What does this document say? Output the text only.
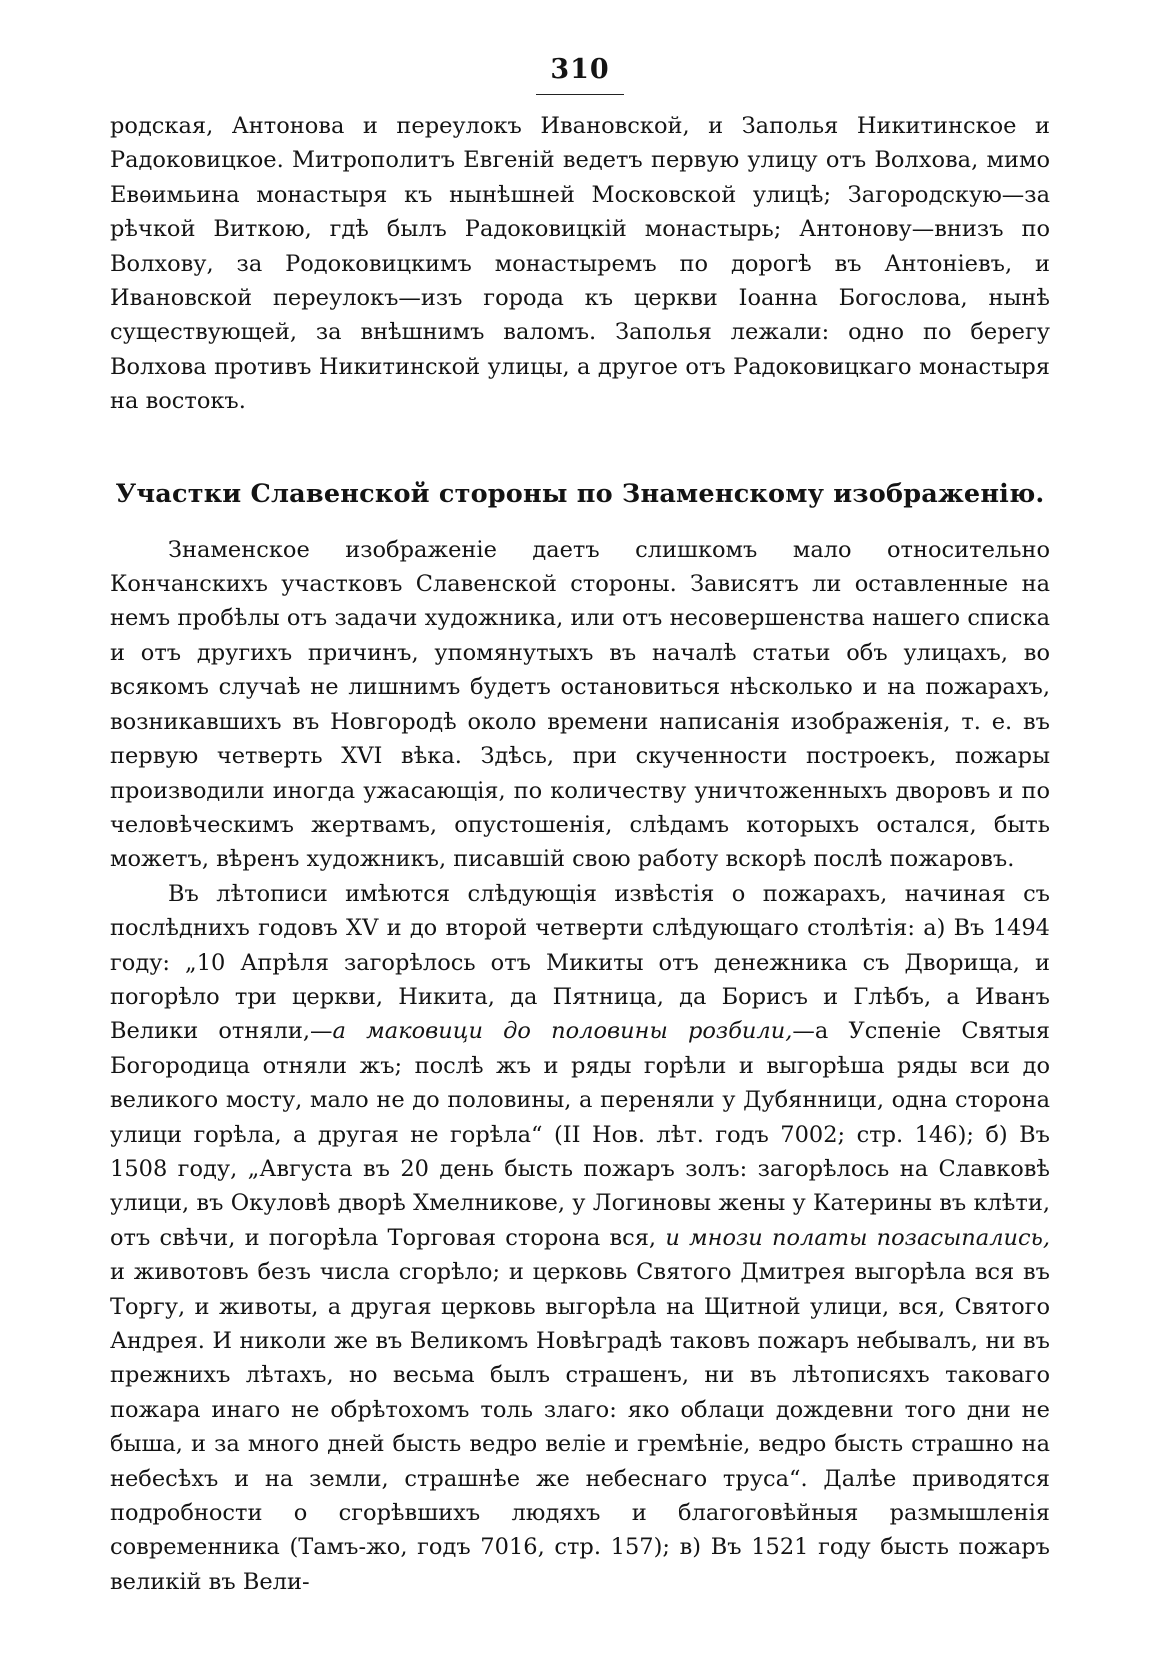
310

родская, Антонова и переулокъ Ивановской, и Заполья Никитинское и Радоковицкое. Митрополитъ Евгеній ведетъ первую улицу отъ Волхова, мимо Евѳимьина монастыря къ нынѣшней Московской улицѣ; Загородскую—за рѣчкой Виткою, гдѣ былъ Радоковицкій монастырь; Антонову—внизъ по Волхову, за Родоковицкимъ монастыремъ по дорогѣ въ Антоніевъ, и Ивановской переулокъ—изъ города къ церкви Іоанна Богослова, нынѣ существующей, за внѣшнимъ валомъ. Заполья лежали: одно по берегу Волхова противъ Никитинской улицы, а другое отъ Радоковицкаго монастыря на востокъ.

Участки Славенской стороны по Знаменскому изображенію.

Знаменское изображеніе даетъ слишкомъ мало относительно Кончанскихъ участковъ Славенской стороны. Зависятъ ли оставленные на немъ пробѣлы отъ задачи художника, или отъ несовершенства нашего списка и отъ другихъ причинъ, упомянутыхъ въ началѣ статьи объ улицахъ, во всякомъ случаѣ не лишнимъ будетъ остановиться нѣсколько и на пожарахъ, возникавшихъ въ Новгородѣ около времени написанія изображенія, т. е. въ первую четверть XVI вѣка. Здѣсь, при скученности построекъ, пожары производили иногда ужасающія, по количеству уничтоженныхъ дворовъ и по человѣческимъ жертвамъ, опустошенія, слѣдамъ которыхъ остался, быть можетъ, вѣренъ художникъ, писавшій свою работу вскорѣ послѣ пожаровъ.

Въ лѣтописи имѣются слѣдующія извѣстія о пожарахъ, начиная съ послѣднихъ годовъ XV и до второй четверти слѣдующаго столѣтія: а) Въ 1494 году: „10 Апрѣля загорѣлось отъ Микиты отъ денежника съ Дворища, и погорѣло три церкви, Никита, да Пятница, да Борисъ и Глѣбъ, а Иванъ Велики отняли,—а маковици до половины розбили,—а Успеніе Святыя Богородица отняли жъ; послѣ жъ и ряды горѣли и выгорѣша ряды вси до великого мосту, мало не до половины, а переняли у Дубянници, одна сторона улици горѣла, а другая не горѣла“ (II Нов. лѣт. годъ 7002; стр. 146); б) Въ 1508 году, „Августа въ 20 день бысть пожаръ золъ: загорѣлось на Славковѣ улици, въ Окуловѣ дворѣ Хмелникове, у Логиновы жены у Катерины въ клѣти, отъ свѣчи, и погорѣла Торговая сторона вся, и мнози полаты позасыпались, и животовъ безъ числа сгорѣло; и церковь Святого Дмитрея выгорѣла вся въ Торгу, и животы, а другая церковь выгорѣла на Щитной улици, вся, Святого Андрея. И николи же въ Великомъ Новѣградѣ таковъ пожаръ небывалъ, ни въ прежнихъ лѣтахъ, но весьма былъ страшенъ, ни въ лѣтописяхъ таковаго пожара инаго не обрѣтохомъ толь злаго: яко облаци дождевни того дни не быша, и за много дней бысть ведро веліе и гремѣніе, ведро бысть страшно на небесѣхъ и на земли, страшнѣе же небеснаго труса“. Далѣе приводятся подробности о сгорѣвшихъ людяхъ и благоговѣйныя размышленія современника (Тамъ-жо, годъ 7016, стр. 157); в) Въ 1521 году бысть пожаръ великій въ Вели-
